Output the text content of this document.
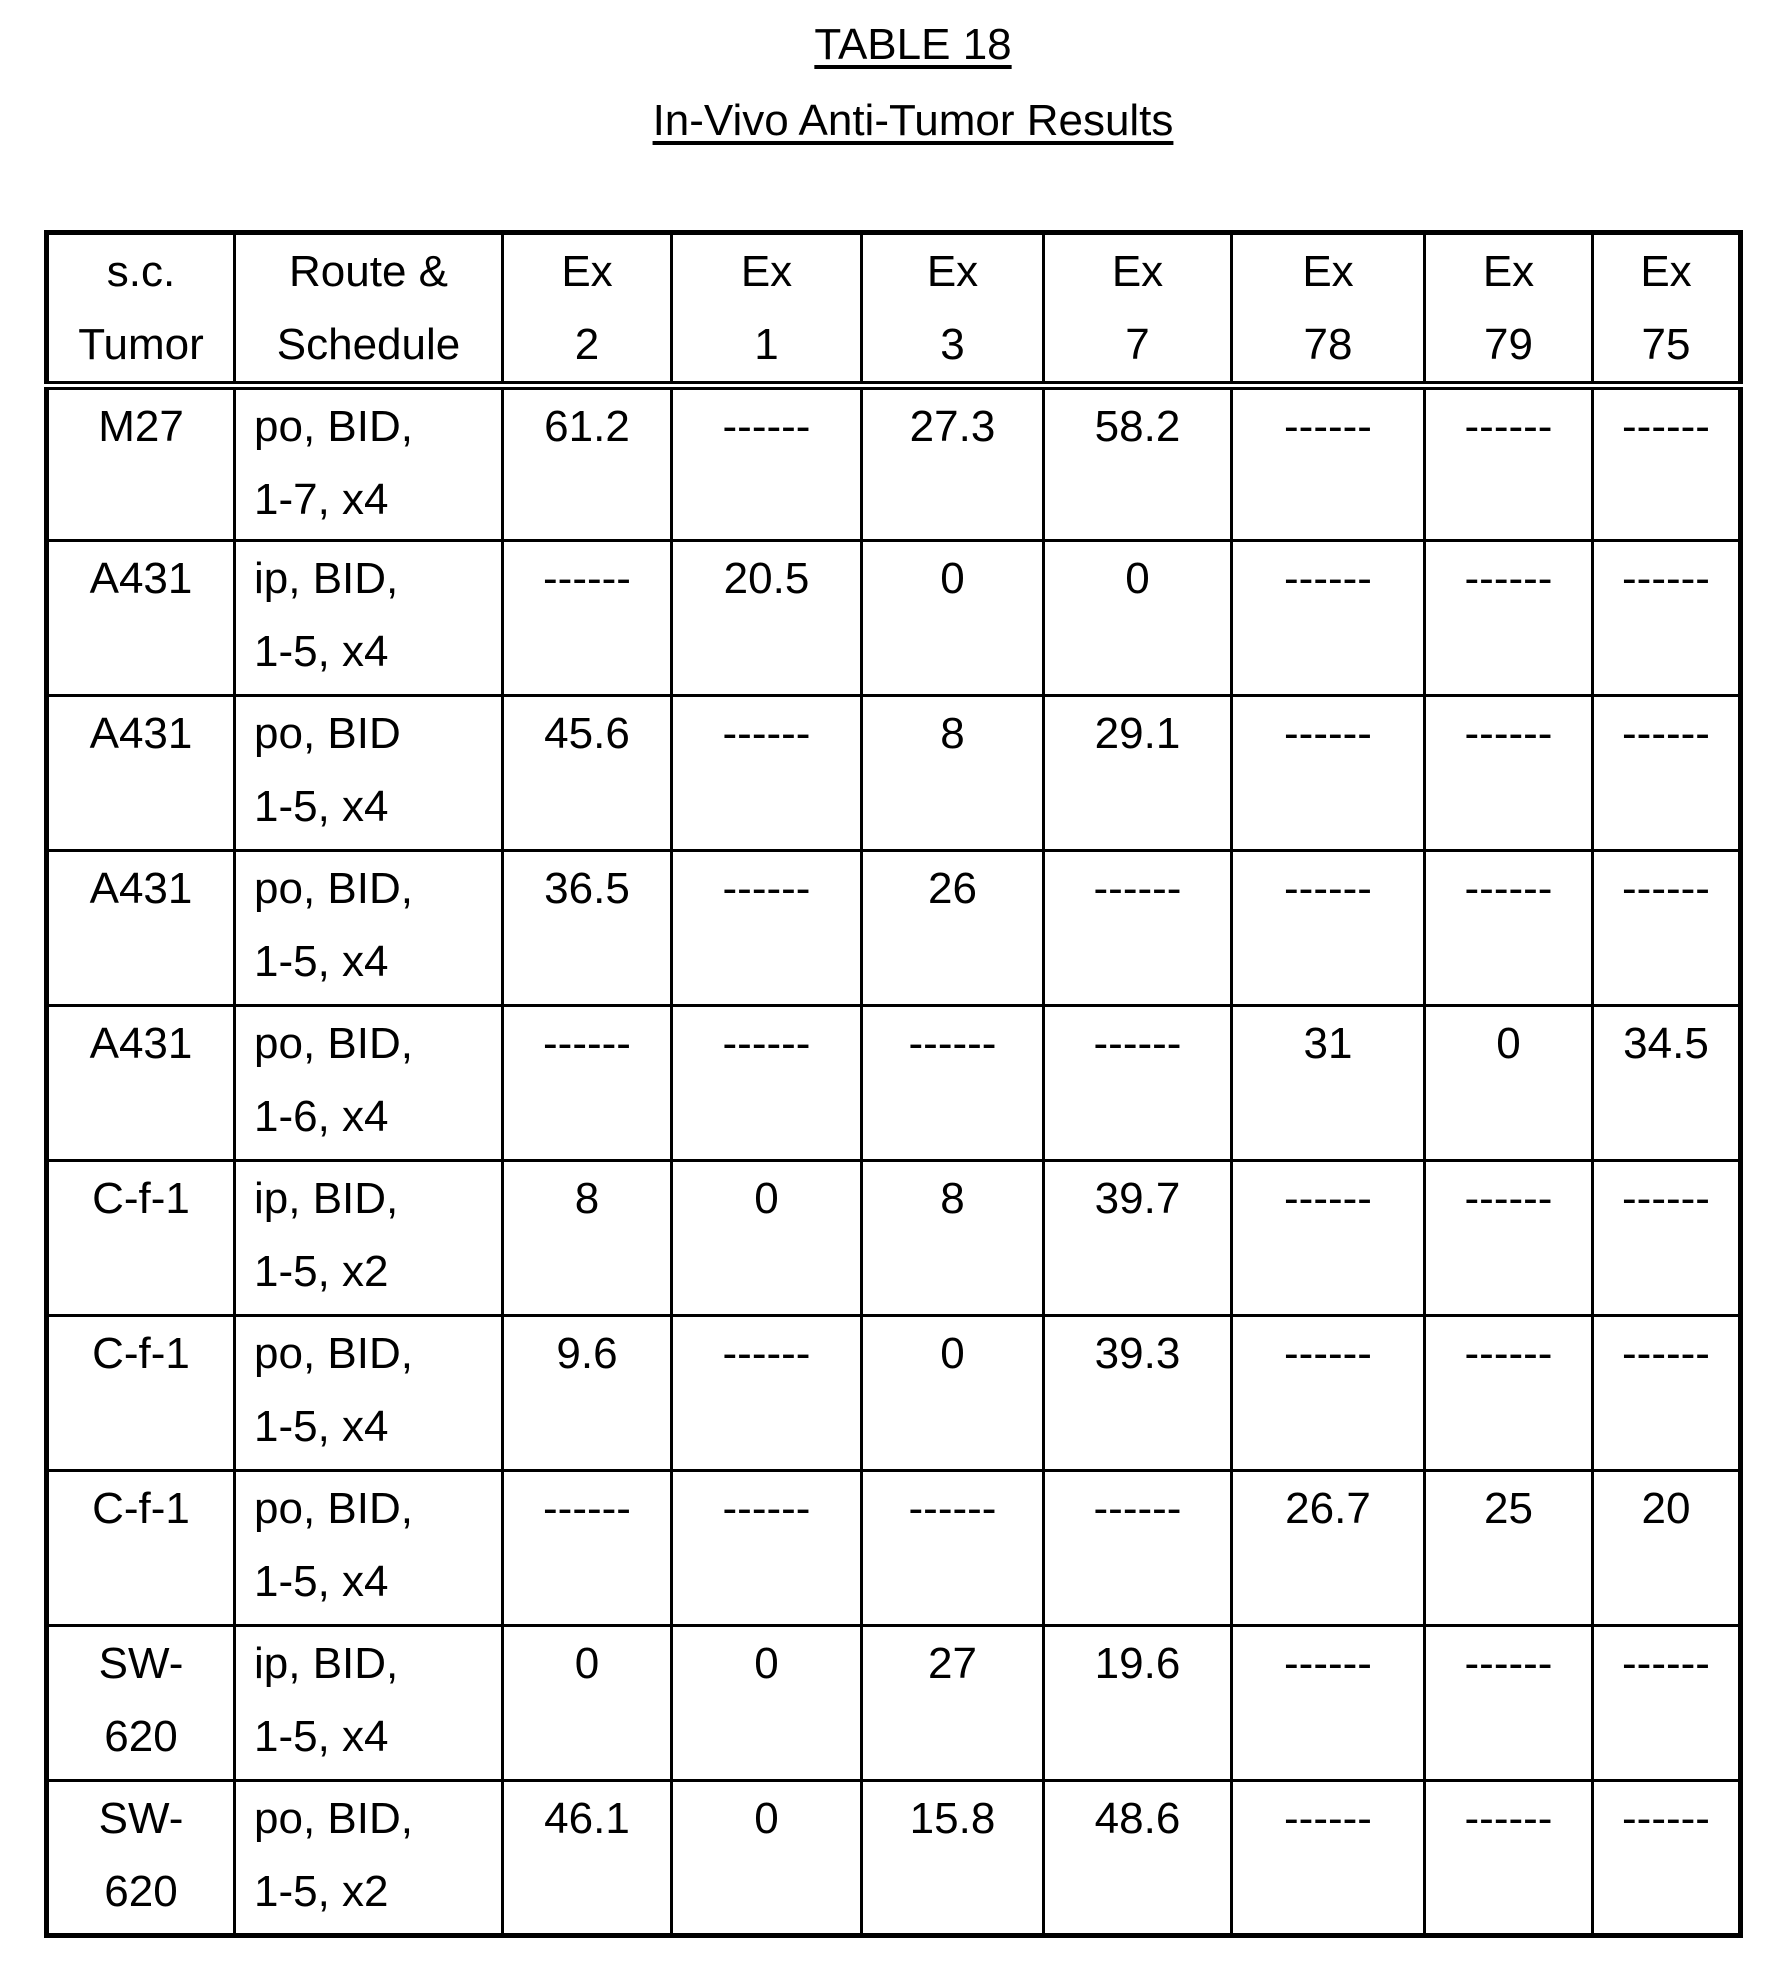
TABLE 18
In-Vivo Anti-Tumor Results
s.c.
Tumor

Route &
Schedule

Ex
2

Ex
1

Ex
3

Ex
7

Ex
78

Ex
79

Ex
75

M27	po, BID,
1-7, x4
	61.2	------	27.3	58.2	------	------	------

A431	ip, BID,
1-5, x4
	------	20.5	0	0	------	------	------

A431	po, BID
1-5, x4
	45.6	------	8	29.1	------	------	------

A431	po, BID,
1-5, x4
	36.5	------	26	------	------	------	------

A431	po, BID,
1-6, x4
	------	------	------	------	31	0	34.5

C-f-1	ip, BID,
1-5, x2
	8	0	8	39.7	------	------	------

C-f-1	po, BID,
1-5, x4
	9.6	------	0	39.3	------	------	------

C-f-1	po, BID,
1-5, x4
	------	------	------	------	26.7	25	20

SW-
620

ip, BID,
1-5, x4
	0	0	27	19.6	------	------	------

SW-
620

po, BID,
1-5, x2
	46.1	0	15.8	48.6	------	------	------
